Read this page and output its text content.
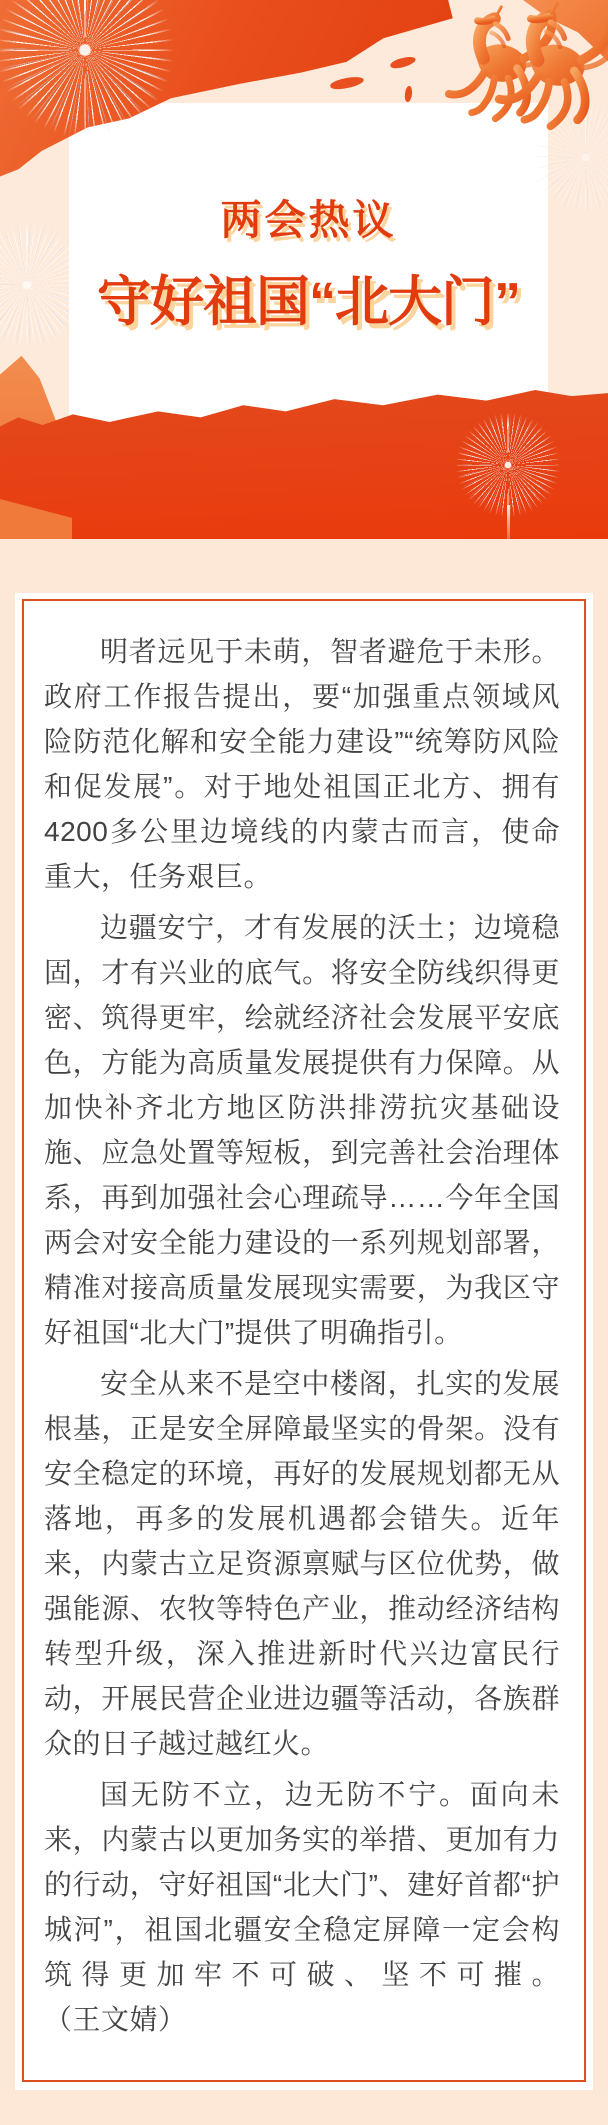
两会热议
守好祖国“北大门”

明者远见于未萌，智者避危于未形。政府工作报告提出，要“加强重点领域风险防范化解和安全能力建设”“统筹防风险和促发展”。对于地处祖国正北方、拥有4200多公里边境线的内蒙古而言，使命重大，任务艰巨。

边疆安宁，才有发展的沃土；边境稳固，才有兴业的底气。将安全防线织得更密、筑得更牢，绘就经济社会发展平安底色，方能为高质量发展提供有力保障。从加快补齐北方地区防洪排涝抗灾基础设施、应急处置等短板，到完善社会治理体系，再到加强社会心理疏导……今年全国两会对安全能力建设的一系列规划部署，精准对接高质量发展现实需要，为我区守好祖国“北大门”提供了明确指引。

安全从来不是空中楼阁，扎实的发展根基，正是安全屏障最坚实的骨架。没有安全稳定的环境，再好的发展规划都无从落地，再多的发展机遇都会错失。近年来，内蒙古立足资源禀赋与区位优势，做强能源、农牧等特色产业，推动经济结构转型升级，深入推进新时代兴边富民行动，开展民营企业进边疆等活动，各族群众的日子越过越红火。

国无防不立，边无防不宁。面向未来，内蒙古以更加务实的举措、更加有力的行动，守好祖国“北大门”、建好首都“护城河”，祖国北疆安全稳定屏障一定会构筑得更加牢不可破、坚不可摧。（王文婧）
